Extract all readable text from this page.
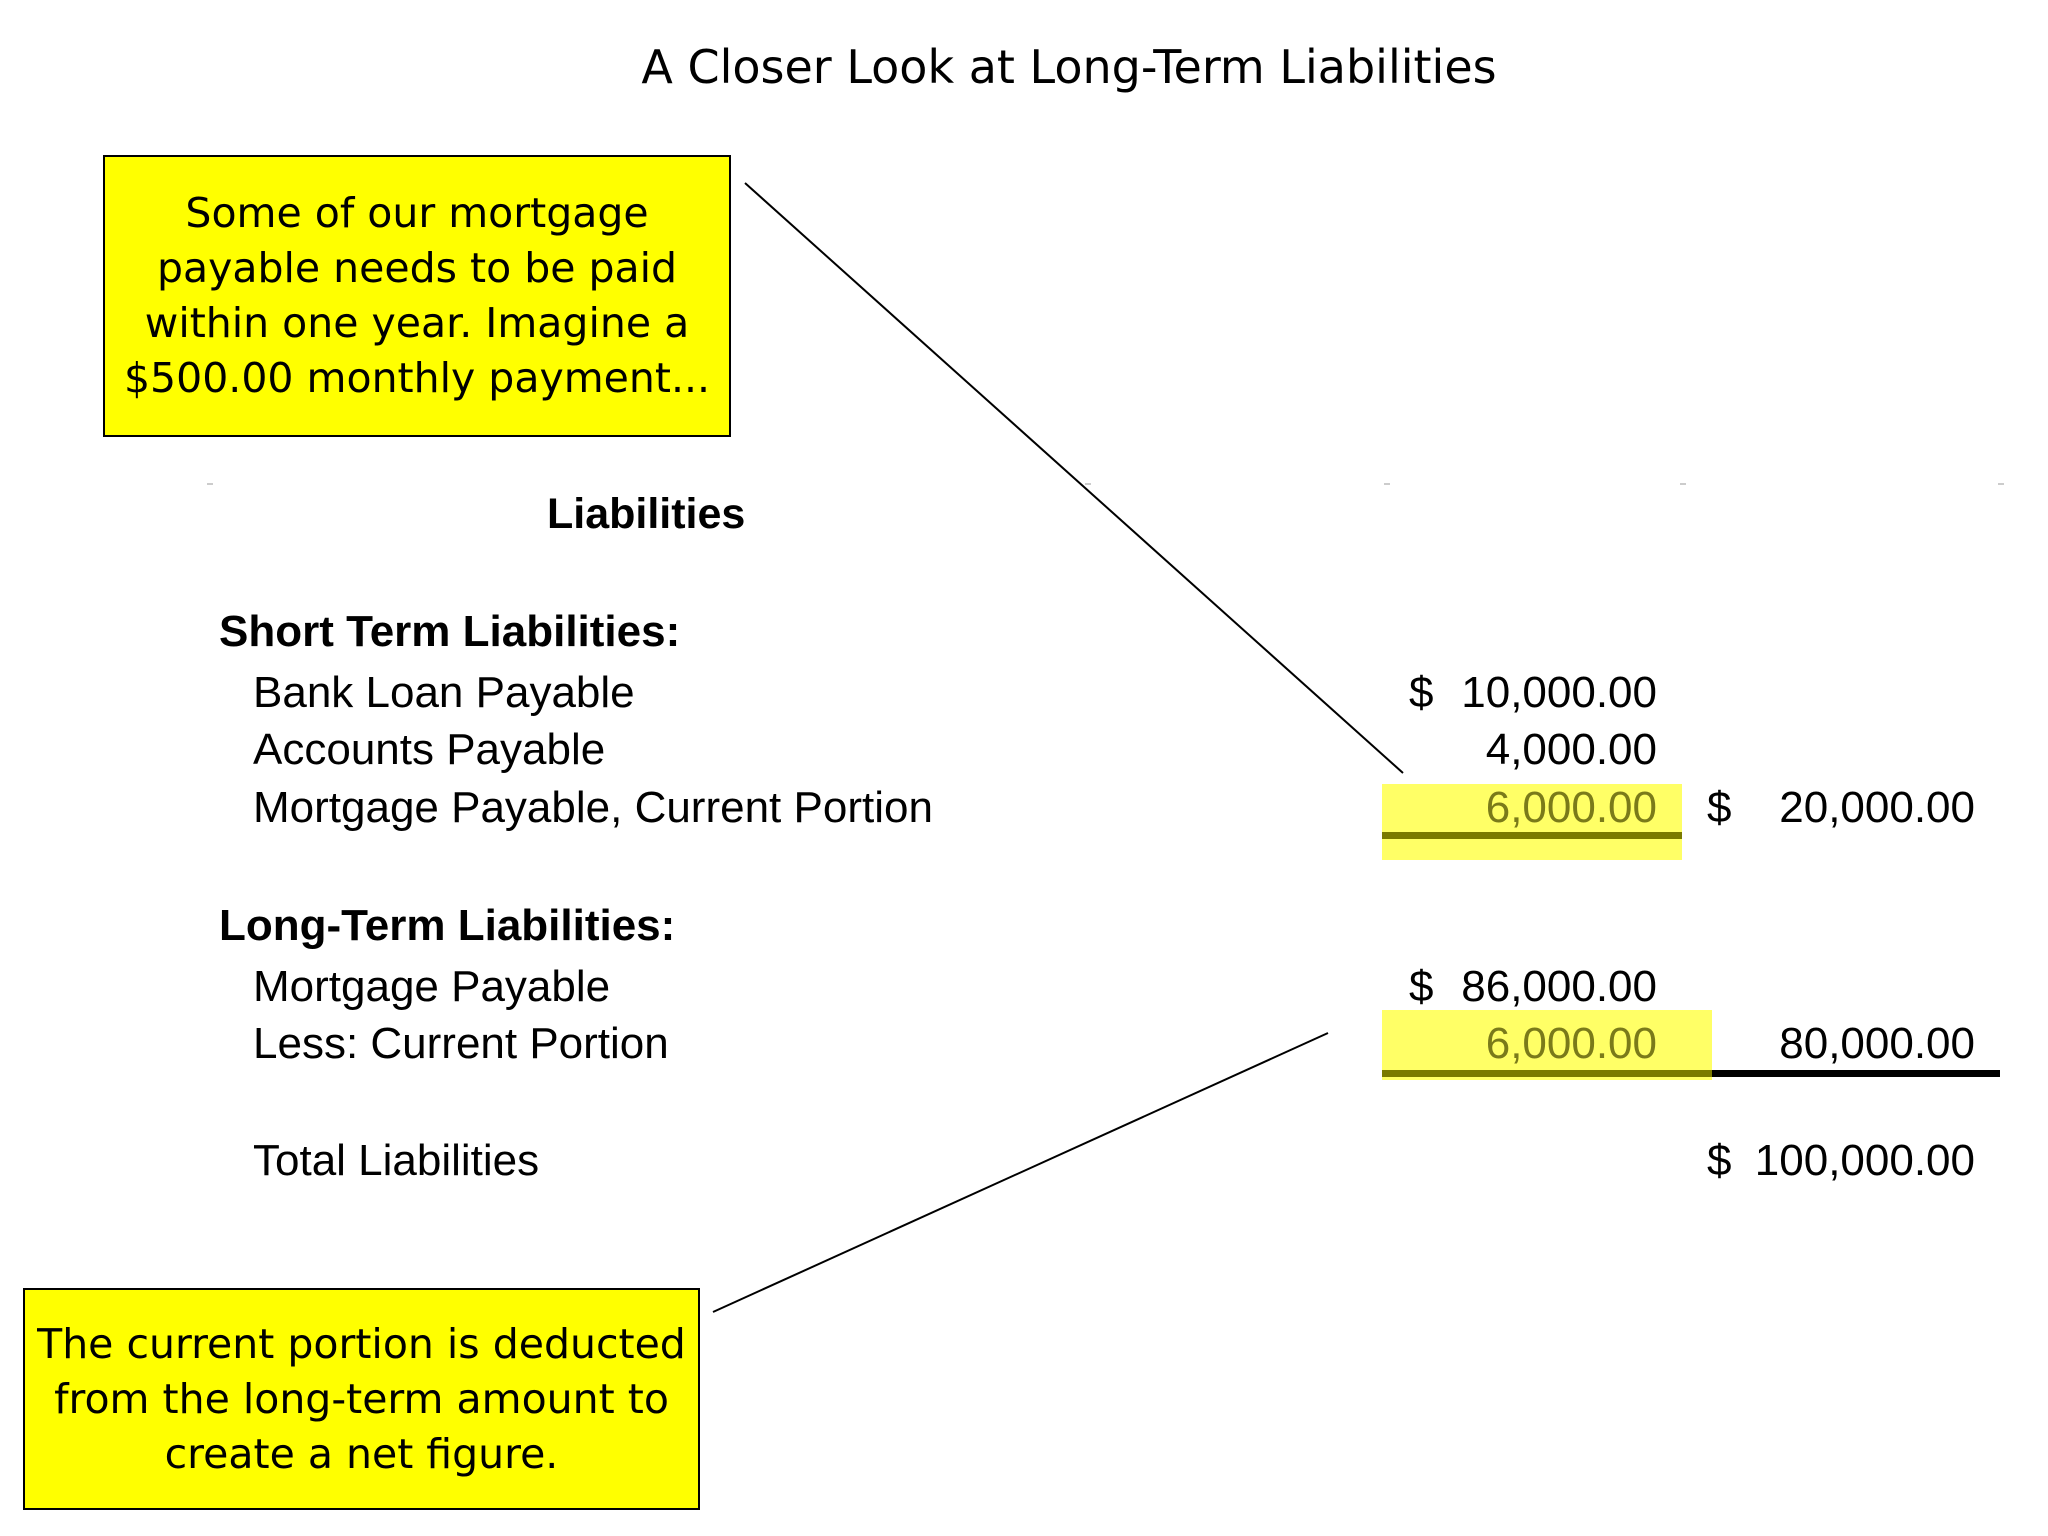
A Closer Look at Long-Term Liabilities
Some of our mortgage
payable needs to be paid
within one year. Imagine a
$500.00 monthly payment...
The current portion is deducted
from the long-term amount to
create a net figure.
Liabilities
Short Term Liabilities:
Bank Loan Payable	$ 10,000.00
Accounts Payable	4,000.00
Mortgage Payable, Current Portion	6,000.00 $	20,000.00
Long-Term Liabilities:
Mortgage Payable	$ 86,000.00
Less: Current Portion	6,000.00	80,000.00
Total Liabilities	$ 100,000.00
